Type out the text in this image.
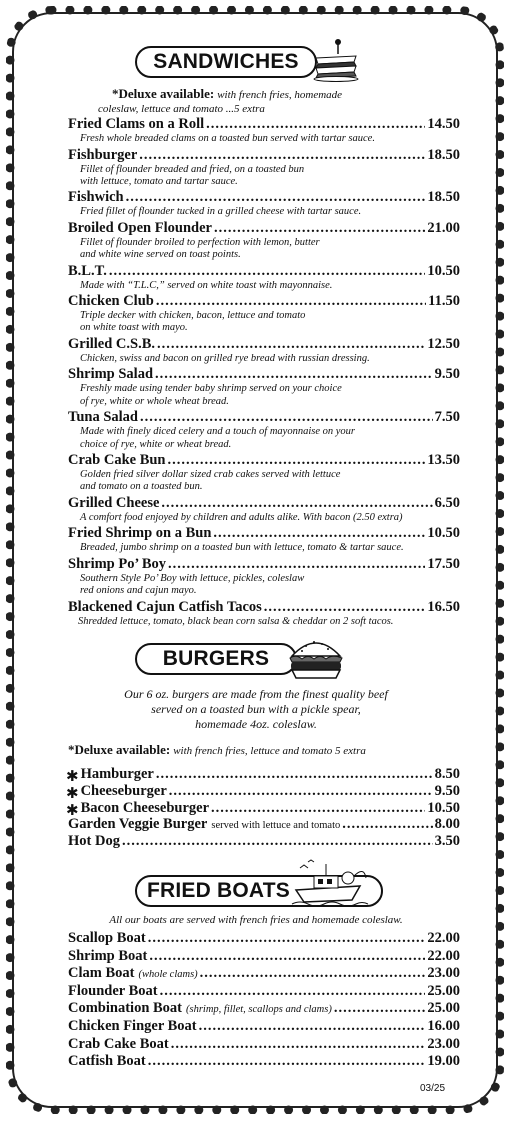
SANDWICHES
*Deluxe available: with french fries, homemade
coleslaw, lettuce and tomato ...5 extra
Fried Clams on a Roll .....	14.50
Fresh whole breaded clams on a toasted bun served with tartar sauce.
Fishburger .....	18.50
Fillet of flounder breaded and fried, on a toasted bun
with lettuce, tomato and tartar sauce.
Fishwich .....	18.50
Fried fillet of flounder tucked in a grilled cheese with tartar sauce.
Broiled Open Flounder .....	21.00
Fillet of flounder broiled to perfection with lemon, butter
and white wine served on toast points.
B.L.T. .....	10.50
Made with “T.L.C,” served on white toast with mayonnaise.
Chicken Club .....	11.50
Triple decker with chicken, bacon, lettuce and tomato
on white toast with mayo.
Grilled C.S.B. .....	12.50
Chicken, swiss and bacon on grilled rye bread with russian dressing.
Shrimp Salad .....	9.50
Freshly made using tender baby shrimp served on your choice
of rye, white or whole wheat bread.
Tuna Salad .....	7.50
Made with finely diced celery and a touch of mayonnaise on your
choice of rye, white or wheat bread.
Crab Cake Bun .....	13.50
Golden fried silver dollar sized crab cakes served with lettuce
and tomato on a toasted bun.
Grilled Cheese .....	6.50
A comfort food enjoyed by children and adults alike. With bacon (2.50 extra)
Fried Shrimp on a Bun .....	10.50
Breaded, jumbo shrimp on a toasted bun with lettuce, tomato & tartar sauce.
Shrimp Po’ Boy .....	17.50
Southern Style Po’ Boy with lettuce, pickles, coleslaw
red onions and cajun mayo.
Blackened Cajun Catfish Tacos .....	16.50
Shredded lettuce, tomato, black bean corn salsa & cheddar on 2 soft tacos.
BURGERS
Our 6 oz. burgers are made from the finest quality beef
served on a toasted bun with a pickle spear,
homemade 4oz. coleslaw.
*Deluxe available: with french fries, lettuce and tomato 5 extra
✱ Hamburger .....	8.50
✱ Cheeseburger .....	9.50
✱ Bacon Cheeseburger .....	10.50
Garden Veggie Burger served with lettuce and tomato .....	8.00
Hot Dog .....	3.50
FRIED BOATS
All our boats are served with french fries and homemade coleslaw.
Scallop Boat .....	22.00
Shrimp Boat .....	22.00
Clam Boat (whole clams) .....	23.00
Flounder Boat .....	25.00
Combination Boat (shrimp, fillet, scallops and clams) .....	25.00
Chicken Finger Boat .....	16.00
Crab Cake Boat .....	23.00
Catfish Boat .....	19.00
03/25
